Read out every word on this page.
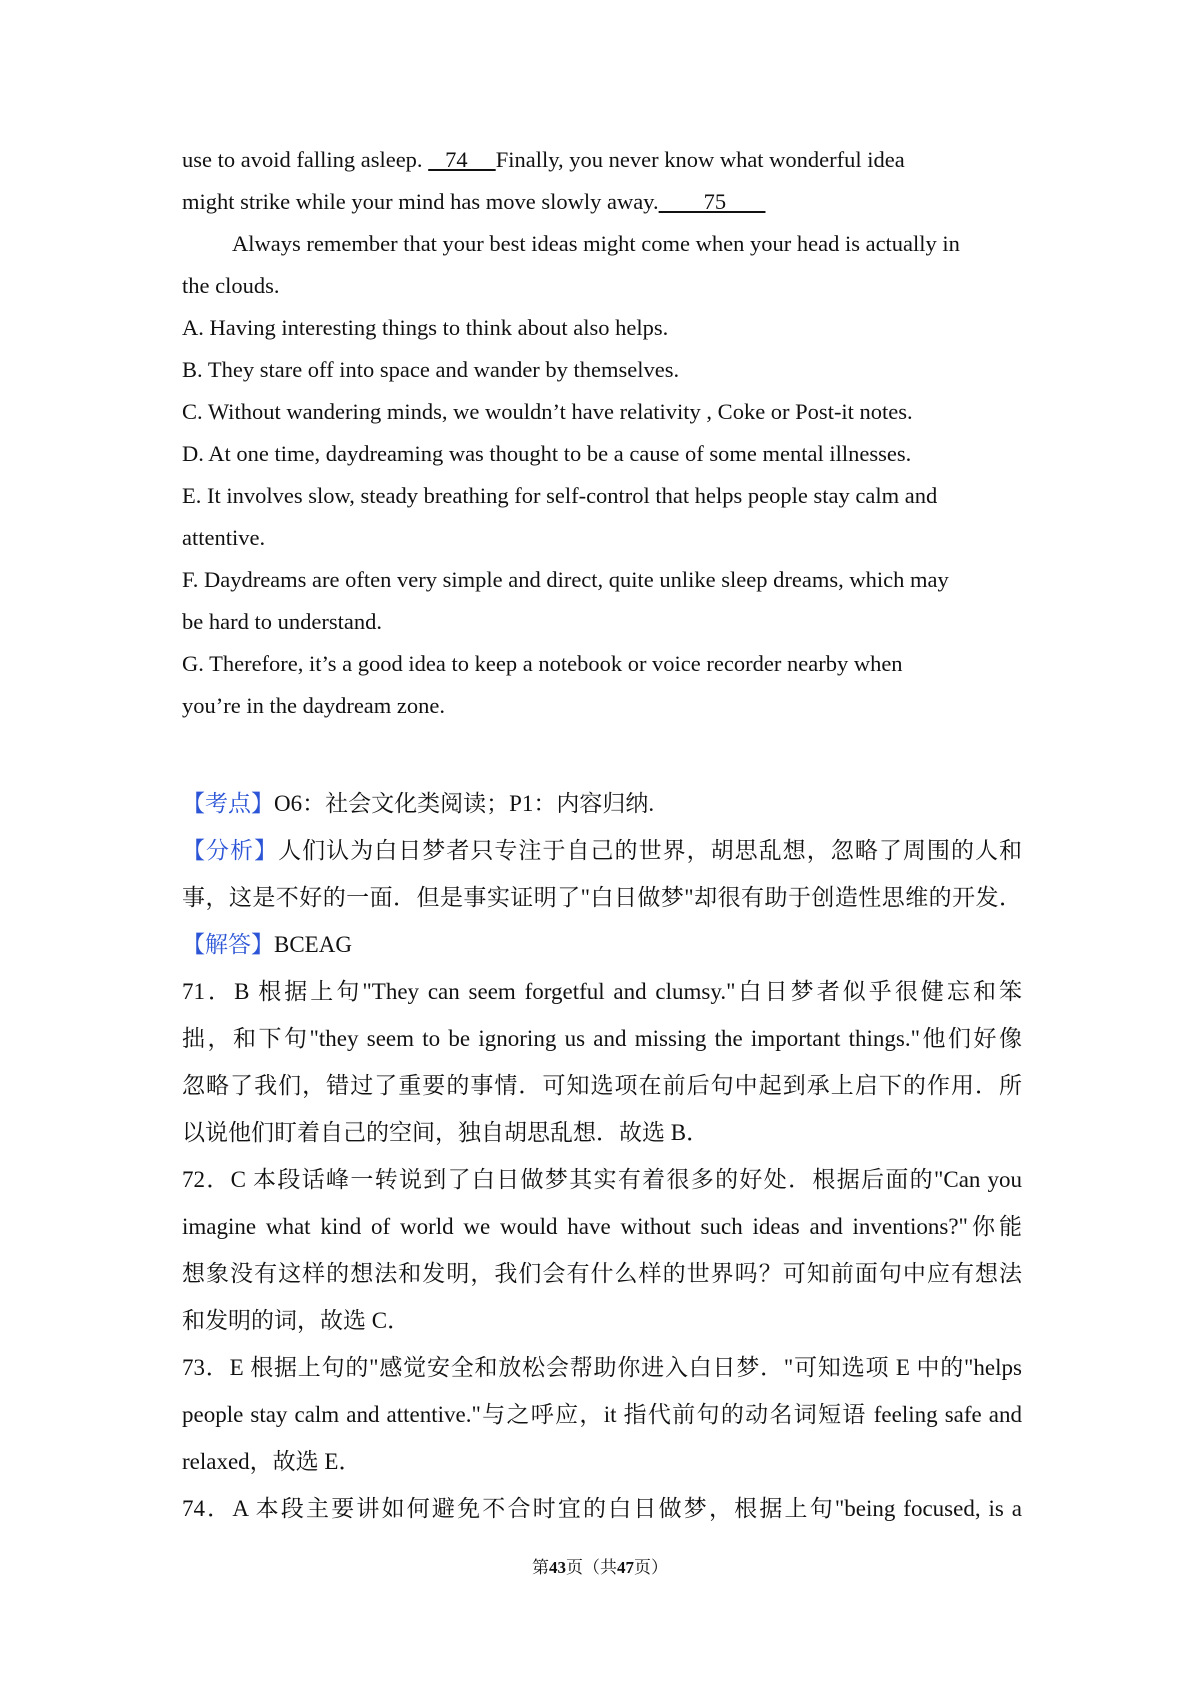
use to avoid falling asleep.    74     Finally, you never know what wonderful idea
might strike while your mind has move slowly away.        75
Always remember that your best ideas might come when your head is actually in
the clouds.
A. Having interesting things to think about also helps.
B. They stare off into space and wander by themselves.
C. Without wandering minds, we wouldn’t have relativity , Coke or Post-it notes.
D. At one time, daydreaming was thought to be a cause of some mental illnesses.
E. It involves slow, steady breathing for self-control that helps people stay calm and
attentive.
F. Daydreams are often very simple and direct, quite unlike sleep dreams, which may
be hard to understand.
G. Therefore, it’s a good idea to keep a notebook or voice recorder nearby when
you’re in the daydream zone.
【考点】O6：社会文化类阅读；P1：内容归纳.
【分析】人们认为白日梦者只专注于自己的世界，胡思乱想，忽略了周围的人和
事，这是不好的一面．但是事实证明了"白日做梦"却很有助于创造性思维的开发．
【解答】BCEAG
71．B 根据上句"They can seem forgetful and clumsy."白日梦者似乎很健忘和笨
拙，和下句"they seem to be ignoring us and missing the important things."他们好像
忽略了我们，错过了重要的事情．可知选项在前后句中起到承上启下的作用．所
以说他们盯着自己的空间，独自胡思乱想．故选 B．
72．C 本段话峰一转说到了白日做梦其实有着很多的好处．根据后面的"Can you
imagine what kind of world we would have without such ideas and inventions?"你能
想象没有这样的想法和发明，我们会有什么样的世界吗？可知前面句中应有想法
和发明的词，故选 C．
73．E 根据上句的"感觉安全和放松会帮助你进入白日梦．"可知选项 E 中的"helps
people stay calm and attentive."与之呼应，it 指代前句的动名词短语 feeling safe and
relaxed，故选 E．
74．A 本段主要讲如何避免不合时宜的白日做梦，根据上句"being focused, is a
第43页（共47页）
